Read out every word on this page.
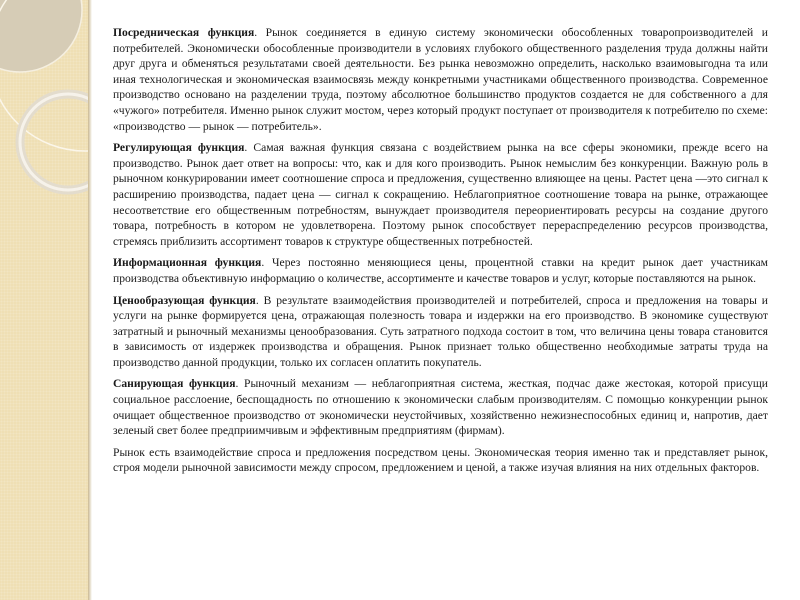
Посредническая функция. Рынок соединяется в единую систему экономически обособленных товаропроизводителей и потребителей. Экономически обособленные производители в условиях глубокого общественного разделения труда должны найти друг друга и обменяться результатами своей деятельности. Без рынка невозможно определить, насколько взаимовыгодна та или иная технологическая и экономическая взаимосвязь между конкретными участниками общественного производства. Современное производство основано на разделении труда, поэтому абсолютное большинство продуктов создается не для собственного а для «чужого» потребителя. Именно рынок служит мостом, через который продукт поступает от производителя к потребителю по схеме: «производство — рынок — потребитель».

Регулирующая функция. Самая важная функция связана с воздействием рынка на все сферы экономики, прежде всего на производство. Рынок дает ответ на вопросы: что, как и для кого производить. Рынок немыслим без конкуренции. Важную роль в рыночном конкурировании имеет соотношение спроса и предложения, существенно влияющее на цены. Растет цена —это сигнал к расширению производства, падает цена — сигнал к сокращению. Неблагоприятное соотношение товара на рынке, отражающее несоответствие его общественным потребностям, вынуждает производителя переориентировать ресурсы на создание другого товара, потребность в котором не удовлетворена. Поэтому рынок способствует перераспределению ресурсов производства, стремясь приблизить ассортимент товаров к структуре общественных потребностей.

Информационная функция. Через постоянно меняющиеся цены, процентной ставки на кредит рынок дает участникам производства объективную информацию о количестве, ассортименте и качестве товаров и услуг, которые поставляются на рынок.

Ценообразующая функция. В результате взаимодействия производителей и потребителей, спроса и предложения на товары и услуги на рынке формируется цена, отражающая полезность товара и издержки на его производство. В экономике существуют затратный и рыночный механизмы ценообразования. Суть затратного подхода состоит в том, что величина цены товара становится в зависимость от издержек производства и обращения. Рынок признает только общественно необходимые затраты труда на производство данной продукции, только их согласен оплатить покупатель.

Санирующая функция. Рыночный механизм — неблагоприятная система, жесткая, подчас даже жестокая, которой присущи социальное расслоение, беспощадность по отношению к экономически слабым производителям. С помощью конкуренции рынок очищает общественное производство от экономически неустойчивых, хозяйственно нежизнеспособных единиц и, напротив, дает зеленый свет более предприимчивым и эффективным предприятиям (фирмам).

Рынок есть взаимодействие спроса и предложения посредством цены. Экономическая теория именно так и представляет рынок, строя модели рыночной зависимости между спросом, предложением и ценой, а также изучая влияния на них отдельных факторов.
